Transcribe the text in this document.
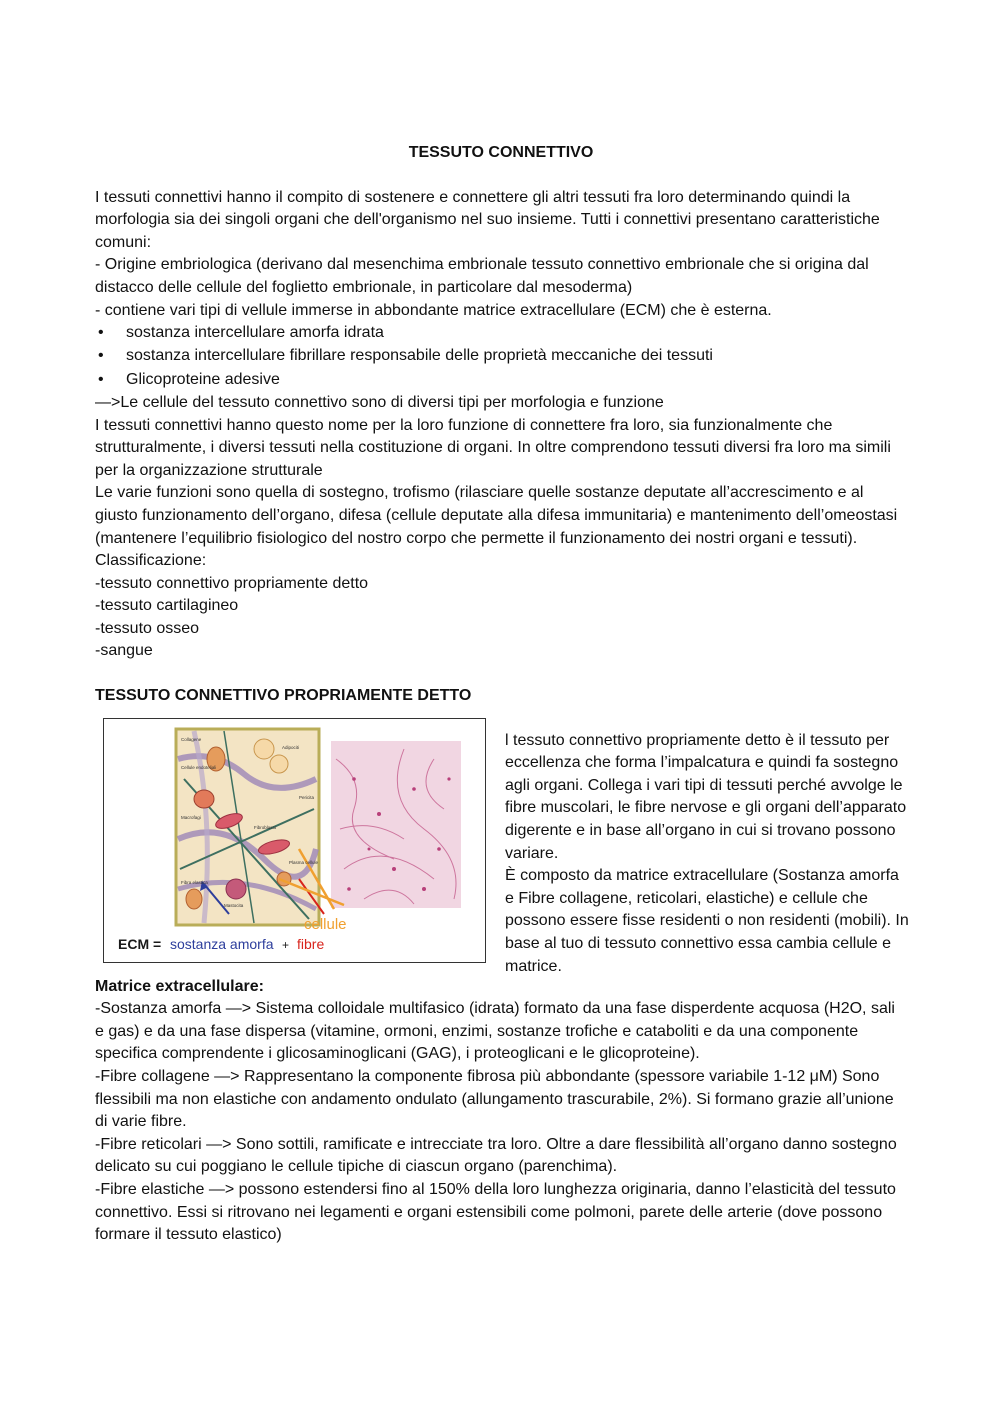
TESSUTO CONNETTIVO

I tessuti connettivi hanno il compito di sostenere e connettere gli altri tessuti fra loro determinando quindi la morfologia sia dei singoli organi che dell'organismo nel suo insieme. Tutti i connettivi presentano caratteristiche comuni:

- Origine embriologica (derivano dal mesenchima embrionale tessuto connettivo embrionale che si origina dal distacco delle cellule del foglietto embrionale, in particolare dal mesoderma)

- contiene vari tipi di vellule immerse in abbondante matrice extracellulare (ECM) che è esterna.

• sostanza intercellulare amorfa idrata
• sostanza intercellulare fibrillare responsabile delle proprietà meccaniche dei tessuti
• Glicoproteine adesive

—>Le cellule del tessuto connettivo sono di diversi tipi per morfologia e funzione

I tessuti connettivi hanno questo nome per la loro funzione di connettere fra loro, sia funzionalmente che strutturalmente, i diversi tessuti nella costituzione di organi. In oltre comprendono tessuti diversi fra loro ma simili per la organizzazione strutturale

Le varie funzioni sono quella di sostegno, trofismo (rilasciare quelle sostanze deputate all’accrescimento e al giusto funzionamento dell’organo, difesa (cellule deputate alla difesa immunitaria) e mantenimento dell’omeostasi (mantenere l’equilibrio fisiologico del nostro corpo che permette il funzionamento dei nostri organi e tessuti).

Classificazione:

-tessuto connettivo propriamente detto

-tessuto cartilagineo

-tessuto osseo

-sangue

TESSUTO CONNETTIVO PROPRIAMENTE DETTO

cellule
ECM = sostanza amorfa + fibre
Collagene
Cellule endoteliali
Adipociti
Pericita
Macrofagi
Fibroblasto
Plasma cellule
Fibra elastica
Mastocita

l tessuto connettivo propriamente detto è il tessuto per eccellenza che forma l’impalcatura e quindi fa sostegno agli organi. Collega i vari tipi di tessuti perché avvolge le fibre muscolari, le fibre nervose e gli organi dell’apparato digerente e in base all’organo in cui si trovano possono variare.

È composto da matrice extracellulare (Sostanza amorfa e Fibre collagene, reticolari, elastiche) e cellule che possono essere fisse residenti o non residenti (mobili). In base al tuo di tessuto connettivo essa cambia cellule e matrice.

Matrice extracellulare:

-Sostanza amorfa —> Sistema colloidale multifasico (idrata) formato da una fase disperdente acquosa (H2O, sali e gas) e da una fase dispersa (vitamine, ormoni, enzimi, sostanze trofiche e cataboliti e da una componente specifica comprendente i glicosaminoglicani (GAG), i proteoglicani e le glicoproteine).

-Fibre collagene —> Rappresentano la componente fibrosa più abbondante (spessore variabile 1-12 μM) Sono flessibili ma non elastiche con andamento ondulato (allungamento trascurabile, 2%). Si formano grazie all’unione di varie fibre.

-Fibre reticolari —> Sono sottili, ramificate e intrecciate tra loro. Oltre a dare flessibilità all’organo danno sostegno delicato su cui poggiano le cellule tipiche di ciascun organo (parenchima).

-Fibre elastiche —> possono estendersi fino al 150% della loro lunghezza originaria, danno l’elasticità del tessuto connettivo. Essi si ritrovano nei legamenti e organi estensibili come polmoni, parete delle arterie (dove possono formare il tessuto elastico)
